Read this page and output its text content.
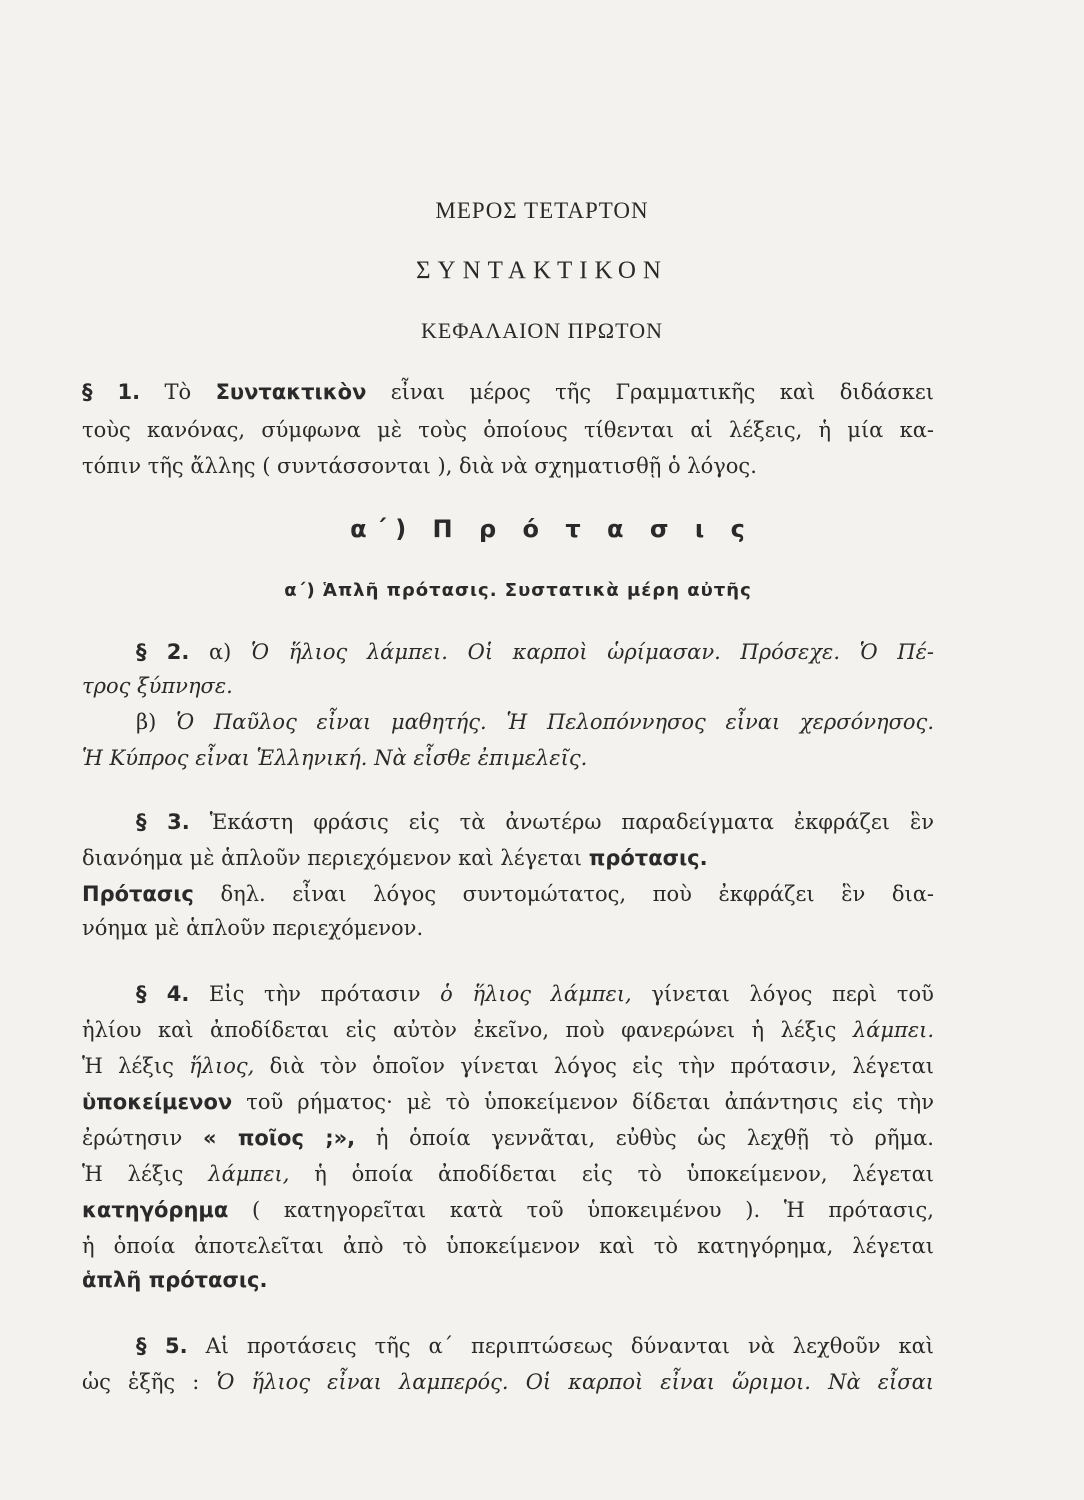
ΜΕΡΟΣ ΤΕΤΑΡΤΟΝ
ΣΥΝΤΑΚΤΙΚΟΝ
ΚΕΦΑΛΑΙΟΝ ΠΡΩΤΟΝ
§ 1. Τὸ Συντακτικὸν εἶναι μέρος τῆς Γραμματικῆς καὶ διδάσκει
τοὺς κανόνας, σύμφωνα μὲ τοὺς ὁποίους τίθενται αἱ λέξεις, ἡ μία κα-
τόπιν τῆς ἄλλης ( συντάσσονται ), διὰ νὰ σχηματισθῇ ὁ λόγος.
α΄) Π ρ ό τ α σ ι ς
α΄) Ἁπλῆ πρότασις. Συστατικὰ μέρη αὐτῆς
§ 2. α) Ὁ ἥλιος λάμπει. Οἱ καρποὶ ὡρίμασαν. Πρόσεχε. Ὁ Πέ-
τρος ξύπνησε.
β) Ὁ Παῦλος εἶναι μαθητής. Ἡ Πελοπόννησος εἶναι χερσόνησος.
Ἡ Κύπρος εἶναι Ἑλληνική. Νὰ εἶσθε ἐπιμελεῖς.
§ 3. Ἑκάστη φράσις εἰς τὰ ἀνωτέρω παραδείγματα ἐκφράζει ἓν
διανόημα μὲ ἁπλοῦν περιεχόμενον καὶ λέγεται πρότασις.
Πρότασις δηλ. εἶναι λόγος συντομώτατος, ποὺ ἐκφράζει ἓν δια-
νόημα μὲ ἁπλοῦν περιεχόμενον.
§ 4. Εἰς τὴν πρότασιν ὁ ἥλιος λάμπει, γίνεται λόγος περὶ τοῦ
ἡλίου καὶ ἀποδίδεται εἰς αὐτὸν ἐκεῖνο, ποὺ φανερώνει ἡ λέξις λάμπει.
Ἡ λέξις ἥλιος, διὰ τὸν ὁποῖον γίνεται λόγος εἰς τὴν πρότασιν, λέγεται
ὑποκείμενον τοῦ ρήματος· μὲ τὸ ὑποκείμενον δίδεται ἀπάντησις εἰς τὴν
ἐρώτησιν « ποῖος ;», ἡ ὁποία γεννᾶται, εὐθὺς ὡς λεχθῇ τὸ ρῆμα.
Ἡ λέξις λάμπει, ἡ ὁποία ἀποδίδεται εἰς τὸ ὑποκείμενον, λέγεται
κατηγόρημα ( κατηγορεῖται κατὰ τοῦ ὑποκειμένου ). Ἡ πρότασις,
ἡ ὁποία ἀποτελεῖται ἀπὸ τὸ ὑποκείμενον καὶ τὸ κατηγόρημα, λέγεται
ἁπλῆ πρότασις.
§ 5. Αἱ προτάσεις τῆς α΄ περιπτώσεως δύνανται νὰ λεχθοῦν καὶ
ὡς ἑξῆς : Ὁ ἥλιος εἶναι λαμπερός. Οἱ καρποὶ εἶναι ὥριμοι. Νὰ εἶσαι
